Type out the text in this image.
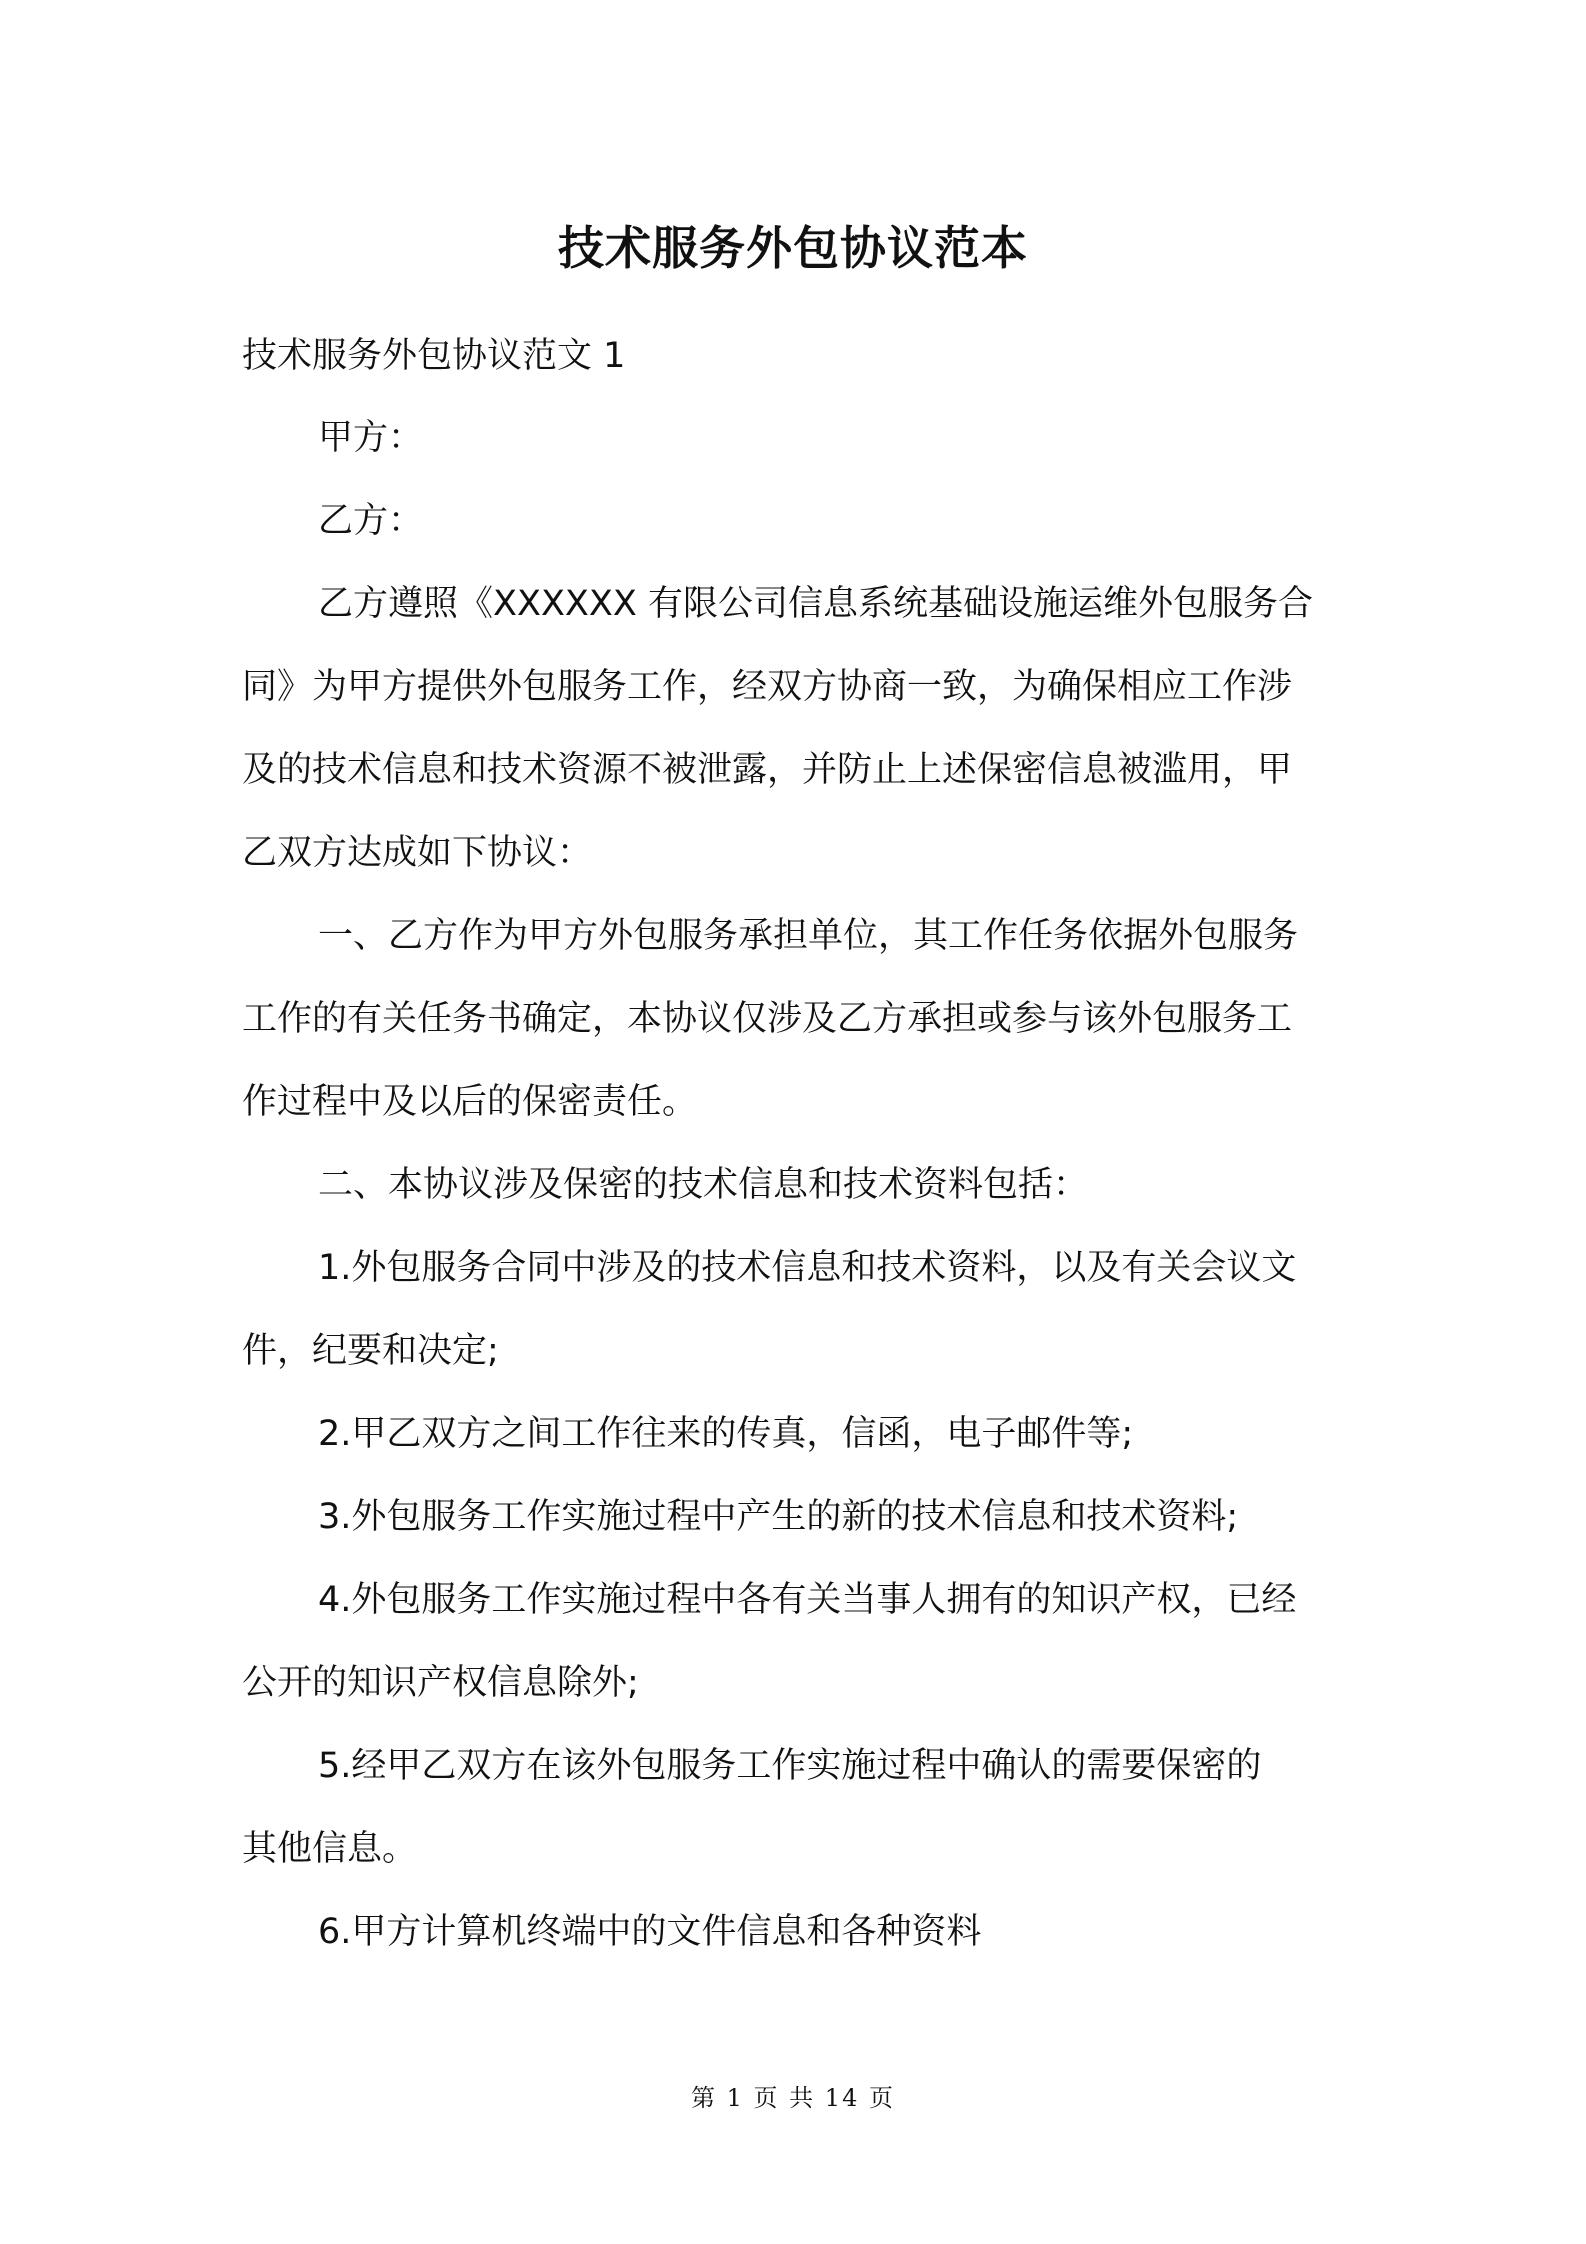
技术服务外包协议范本
技术服务外包协议范文 1
甲方：
乙方：
乙方遵照《XXXXXX 有限公司信息系统基础设施运维外包服务合
同》为甲方提供外包服务工作，经双方协商一致，为确保相应工作涉
及的技术信息和技术资源不被泄露，并防止上述保密信息被滥用，甲
乙双方达成如下协议：
一、乙方作为甲方外包服务承担单位，其工作任务依据外包服务
工作的有关任务书确定，本协议仅涉及乙方承担或参与该外包服务工
作过程中及以后的保密责任。
二、本协议涉及保密的技术信息和技术资料包括：
1.外包服务合同中涉及的技术信息和技术资料，以及有关会议文
件，纪要和决定;
2.甲乙双方之间工作往来的传真，信函，电子邮件等;
3.外包服务工作实施过程中产生的新的技术信息和技术资料;
4.外包服务工作实施过程中各有关当事人拥有的知识产权，已经
公开的知识产权信息除外;
5.经甲乙双方在该外包服务工作实施过程中确认的需要保密的
其他信息。
6.甲方计算机终端中的文件信息和各种资料
第 1 页 共 14 页
